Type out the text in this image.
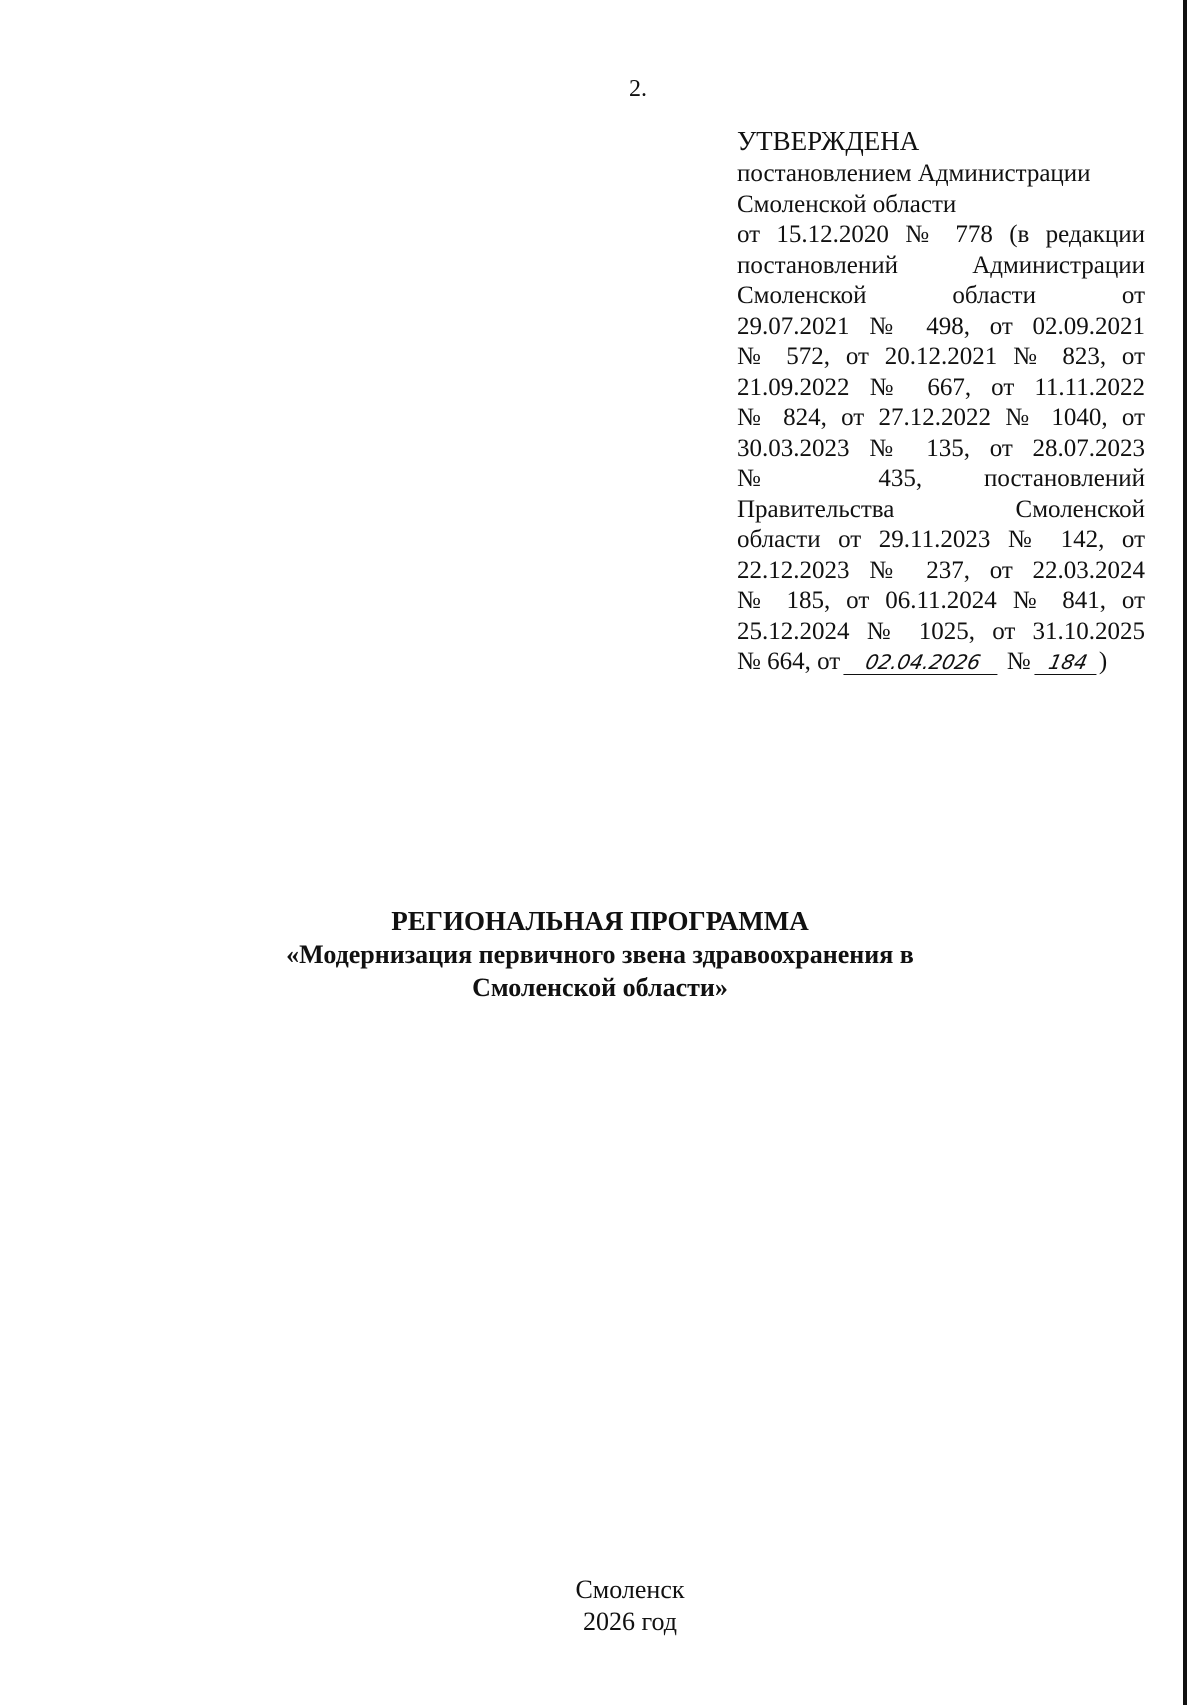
2.
УТВЕРЖДЕНА
постановлением Администрации
Смоленской области
от 15.12.2020 № 778 (в редакции
постановлений Администрации
Смоленской области от
29.07.2021 № 498, от 02.09.2021
№ 572, от 20.12.2021 № 823, от
21.09.2022 № 667, от 11.11.2022
№ 824, от 27.12.2022 № 1040, от
30.03.2023 № 135, от 28.07.2023
№ 435, постановлений
Правительства Смоленской
области от 29.11.2023 № 142, от
22.12.2023 № 237, от 22.03.2024
№ 185, от 06.11.2024 № 841, от
25.12.2024 № 1025, от 31.10.2025
№ 664, от 02.04.2026 № 184 )
РЕГИОНАЛЬНАЯ ПРОГРАММА
«Модернизация первичного звена здравоохранения в
Смоленской области»
Смоленск
2026 год
